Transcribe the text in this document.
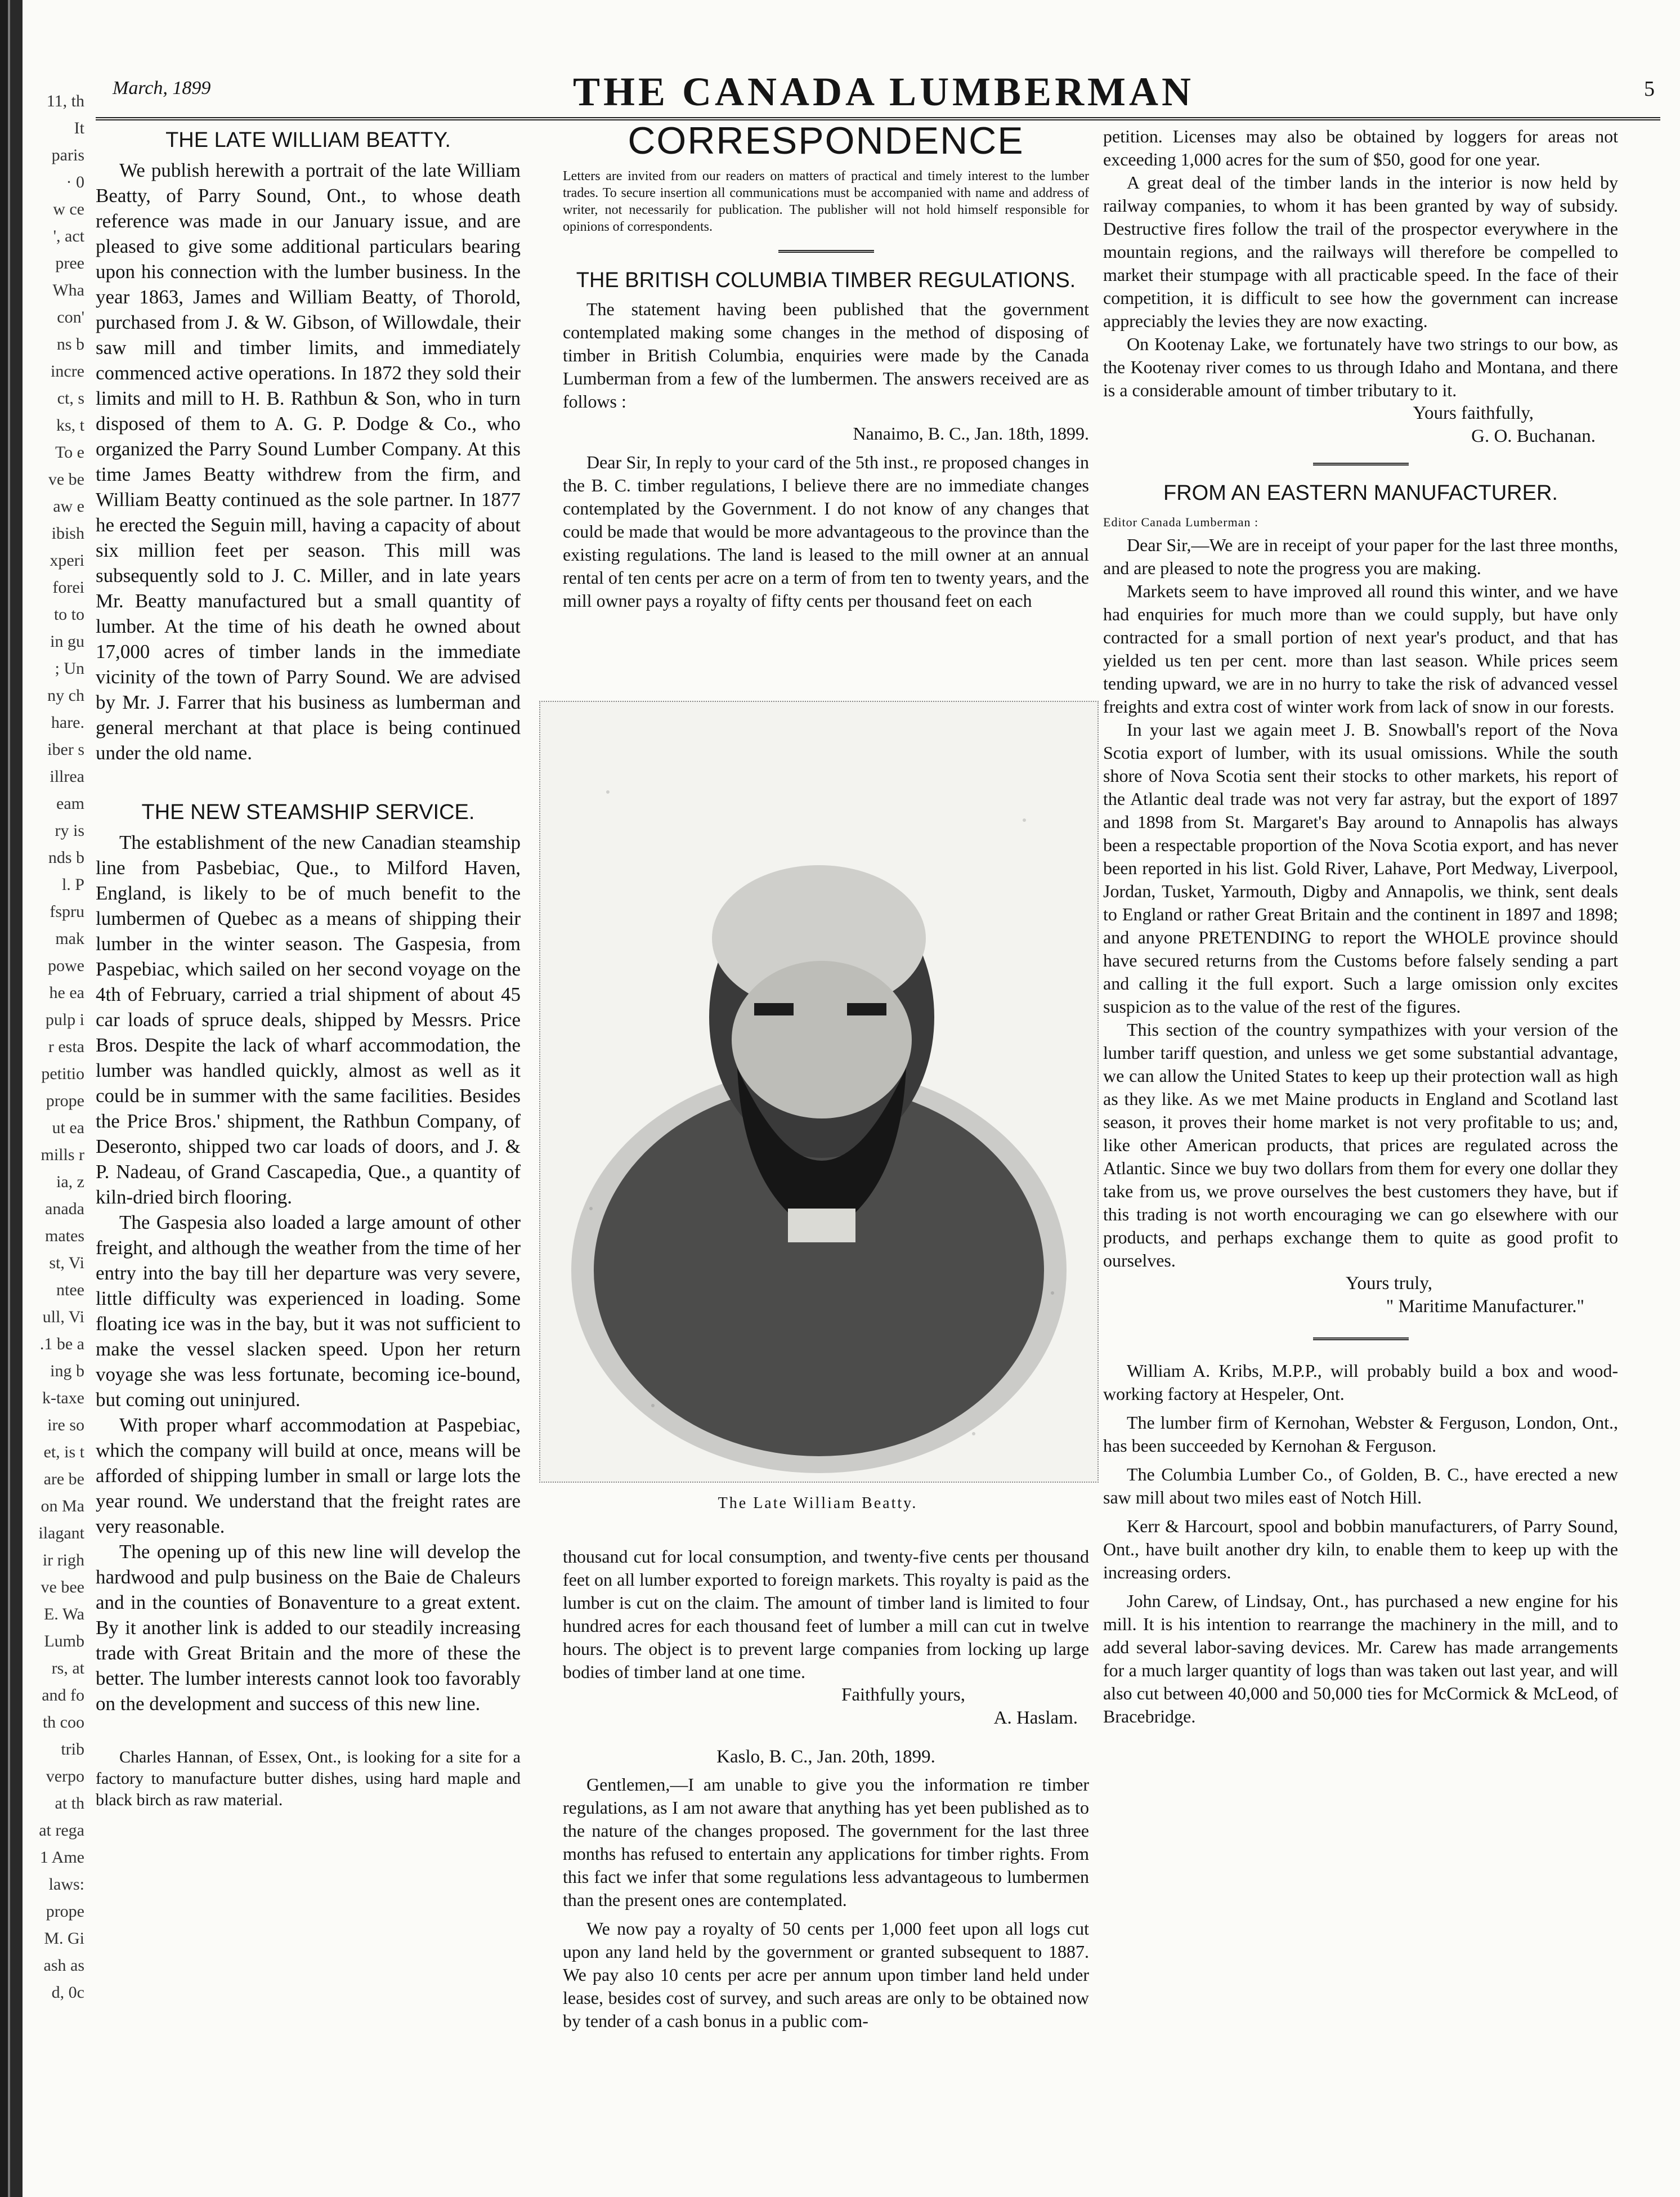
11, th
It
paris
· 0
w ce
', act
pree
Wha
con'
ns b
incre
ct, s
ks, t
To e
ve be
aw e
ibish
xperi
forei
to to
in gu
; Un
ny ch
hare.
iber s
illrea
eam
ry is
nds b
l. P
fspru
mak
powe
he ea
pulp i
r esta
petitio
prope
ut ea
mills r
ia, z
anada
mates
st, Vi
ntee
ull, Vi
.1 be a
ing b
k-taxe
ire so
et, is t
are be
on Ma
ilagant
ir righ
ve bee
E. Wa
Lumb
rs, at
and fo
th coo
trib
verpo
at th
at rega
1 Ame
laws:
prope
M. Gi
ash as
d, 0c
March, 1899	THE CANADA LUMBERMAN	5
THE LATE WILLIAM BEATTY.

We publish herewith a portrait of the late William Beatty, of Parry Sound, Ont., to whose death reference was made in our January issue, and are pleased to give some additional particulars bearing upon his connection with the lumber business. In the year 1863, James and William Beatty, of Thorold, purchased from J. & W. Gibson, of Willowdale, their saw mill and timber limits, and immediately commenced active operations. In 1872 they sold their limits and mill to H. B. Rathbun & Son, who in turn disposed of them to A. G. P. Dodge & Co., who organized the Parry Sound Lumber Company. At this time James Beatty withdrew from the firm, and William Beatty continued as the sole partner. In 1877 he erected the Seguin mill, having a capacity of about six million feet per season. This mill was subsequently sold to J. C. Miller, and in late years Mr. Beatty manufactured but a small quantity of lumber. At the time of his death he owned about 17,000 acres of timber lands in the immediate vicinity of the town of Parry Sound. We are advised by Mr. J. Farrer that his business as lumberman and general merchant at that place is being continued under the old name.

THE NEW STEAMSHIP SERVICE.

The establishment of the new Canadian steamship line from Pasbebiac, Que., to Milford Haven, England, is likely to be of much benefit to the lumbermen of Quebec as a means of shipping their lumber in the winter season. The Gaspesia, from Paspebiac, which sailed on her second voyage on the 4th of February, carried a trial shipment of about 45 car loads of spruce deals, shipped by Messrs. Price Bros. Despite the lack of wharf accommodation, the lumber was handled quickly, almost as well as it could be in summer with the same facilities. Besides the Price Bros.' shipment, the Rathbun Company, of Deseronto, shipped two car loads of doors, and J. & P. Nadeau, of Grand Cascapedia, Que., a quantity of kiln-dried birch flooring.

The Gaspesia also loaded a large amount of other freight, and although the weather from the time of her entry into the bay till her departure was very severe, little difficulty was experienced in loading. Some floating ice was in the bay, but it was not sufficient to make the vessel slacken speed. Upon her return voyage she was less fortunate, becoming ice-bound, but coming out uninjured.

With proper wharf accommodation at Paspebiac, which the company will build at once, means will be afforded of shipping lumber in small or large lots the year round. We understand that the freight rates are very reasonable.

The opening up of this new line will develop the hardwood and pulp business on the Baie de Chaleurs and in the counties of Bonaventure to a great extent. By it another link is added to our steadily increasing trade with Great Britain and the more of these the better. The lumber interests cannot look too favorably on the development and success of this new line.

Charles Hannan, of Essex, Ont., is looking for a site for a factory to manufacture butter dishes, using hard maple and black birch as raw material.

CORRESPONDENCE
Letters are invited from our readers on matters of practical and timely interest to the lumber trades. To secure insertion all communications must be accompanied with name and address of writer, not necessarily for publication. The publisher will not hold himself responsible for opinions of correspondents.
THE BRITISH COLUMBIA TIMBER REGULATIONS.

The statement having been published that the government contemplated making some changes in the method of disposing of timber in British Columbia, enquiries were made by the Canada Lumberman from a few of the lumbermen. The answers received are as follows :

Nanaimo, B. C., Jan. 18th, 1899.

Dear Sir, In reply to your card of the 5th inst., re proposed changes in the B. C. timber regulations, I believe there are no immediate changes contemplated by the Government. I do not know of any changes that could be made that would be more advantageous to the province than the existing regulations. The land is leased to the mill owner at an annual rental of ten cents per acre on a term of from ten to twenty years, and the mill owner pays a royalty of fifty cents per thousand feet on each

The Late William Beatty.

thousand cut for local consumption, and twenty-five cents per thousand feet on all lumber exported to foreign markets. This royalty is paid as the lumber is cut on the claim. The amount of timber land is limited to four hundred acres for each thousand feet of lumber a mill can cut in twelve hours. The object is to prevent large companies from locking up large bodies of timber land at one time.

Faithfully yours,
A. Haslam.
Kaslo, B. C., Jan. 20th, 1899.

Gentlemen,—I am unable to give you the information re timber regulations, as I am not aware that anything has yet been published as to the nature of the changes proposed. The government for the last three months has refused to entertain any applications for timber rights. From this fact we infer that some regulations less advantageous to lumbermen than the present ones are contemplated.

We now pay a royalty of 50 cents per 1,000 feet upon all logs cut upon any land held by the government or granted subsequent to 1887. We pay also 10 cents per acre per annum upon timber land held under lease, besides cost of survey, and such areas are only to be obtained now by tender of a cash bonus in a public com-

petition. Licenses may also be obtained by loggers for areas not exceeding 1,000 acres for the sum of $50, good for one year.

A great deal of the timber lands in the interior is now held by railway companies, to whom it has been granted by way of subsidy. Destructive fires follow the trail of the prospector everywhere in the mountain regions, and the railways will therefore be compelled to market their stumpage with all practicable speed. In the face of their competition, it is difficult to see how the government can increase appreciably the levies they are now exacting.

On Kootenay Lake, we fortunately have two strings to our bow, as the Kootenay river comes to us through Idaho and Montana, and there is a considerable amount of timber tributary to it.

Yours faithfully,
G. O. Buchanan.
FROM AN EASTERN MANUFACTURER.

Editor Canada Lumberman :

Dear Sir,—We are in receipt of your paper for the last three months, and are pleased to note the progress you are making.

Markets seem to have improved all round this winter, and we have had enquiries for much more than we could supply, but have only contracted for a small portion of next year's product, and that has yielded us ten per cent. more than last season. While prices seem tending upward, we are in no hurry to take the risk of advanced vessel freights and extra cost of winter work from lack of snow in our forests.

In your last we again meet J. B. Snowball's report of the Nova Scotia export of lumber, with its usual omissions. While the south shore of Nova Scotia sent their stocks to other markets, his report of the Atlantic deal trade was not very far astray, but the export of 1897 and 1898 from St. Margaret's Bay around to Annapolis has always been a respectable proportion of the Nova Scotia export, and has never been reported in his list. Gold River, Lahave, Port Medway, Liverpool, Jordan, Tusket, Yarmouth, Digby and Annapolis, we think, sent deals to England or rather Great Britain and the continent in 1897 and 1898; and anyone PRETENDING to report the WHOLE province should have secured returns from the Customs before falsely sending a part and calling it the full export. Such a large omission only excites suspicion as to the value of the rest of the figures.

This section of the country sympathizes with your version of the lumber tariff question, and unless we get some substantial advantage, we can allow the United States to keep up their protection wall as high as they like. As we met Maine products in England and Scotland last season, it proves their home market is not very profitable to us; and, like other American products, that prices are regulated across the Atlantic. Since we buy two dollars from them for every one dollar they take from us, we prove ourselves the best customers they have, but if this trading is not worth encouraging we can go elsewhere with our products, and perhaps exchange them to quite as good profit to ourselves.

Yours truly,
" Maritime Manufacturer."

William A. Kribs, M.P.P., will probably build a box and wood-working factory at Hespeler, Ont.

The lumber firm of Kernohan, Webster & Ferguson, London, Ont., has been succeeded by Kernohan & Ferguson.

The Columbia Lumber Co., of Golden, B. C., have erected a new saw mill about two miles east of Notch Hill.

Kerr & Harcourt, spool and bobbin manufacturers, of Parry Sound, Ont., have built another dry kiln, to enable them to keep up with the increasing orders.

John Carew, of Lindsay, Ont., has purchased a new engine for his mill. It is his intention to rearrange the machinery in the mill, and to add several labor-saving devices. Mr. Carew has made arrangements for a much larger quantity of logs than was taken out last year, and will also cut between 40,000 and 50,000 ties for McCormick & McLeod, of Bracebridge.
